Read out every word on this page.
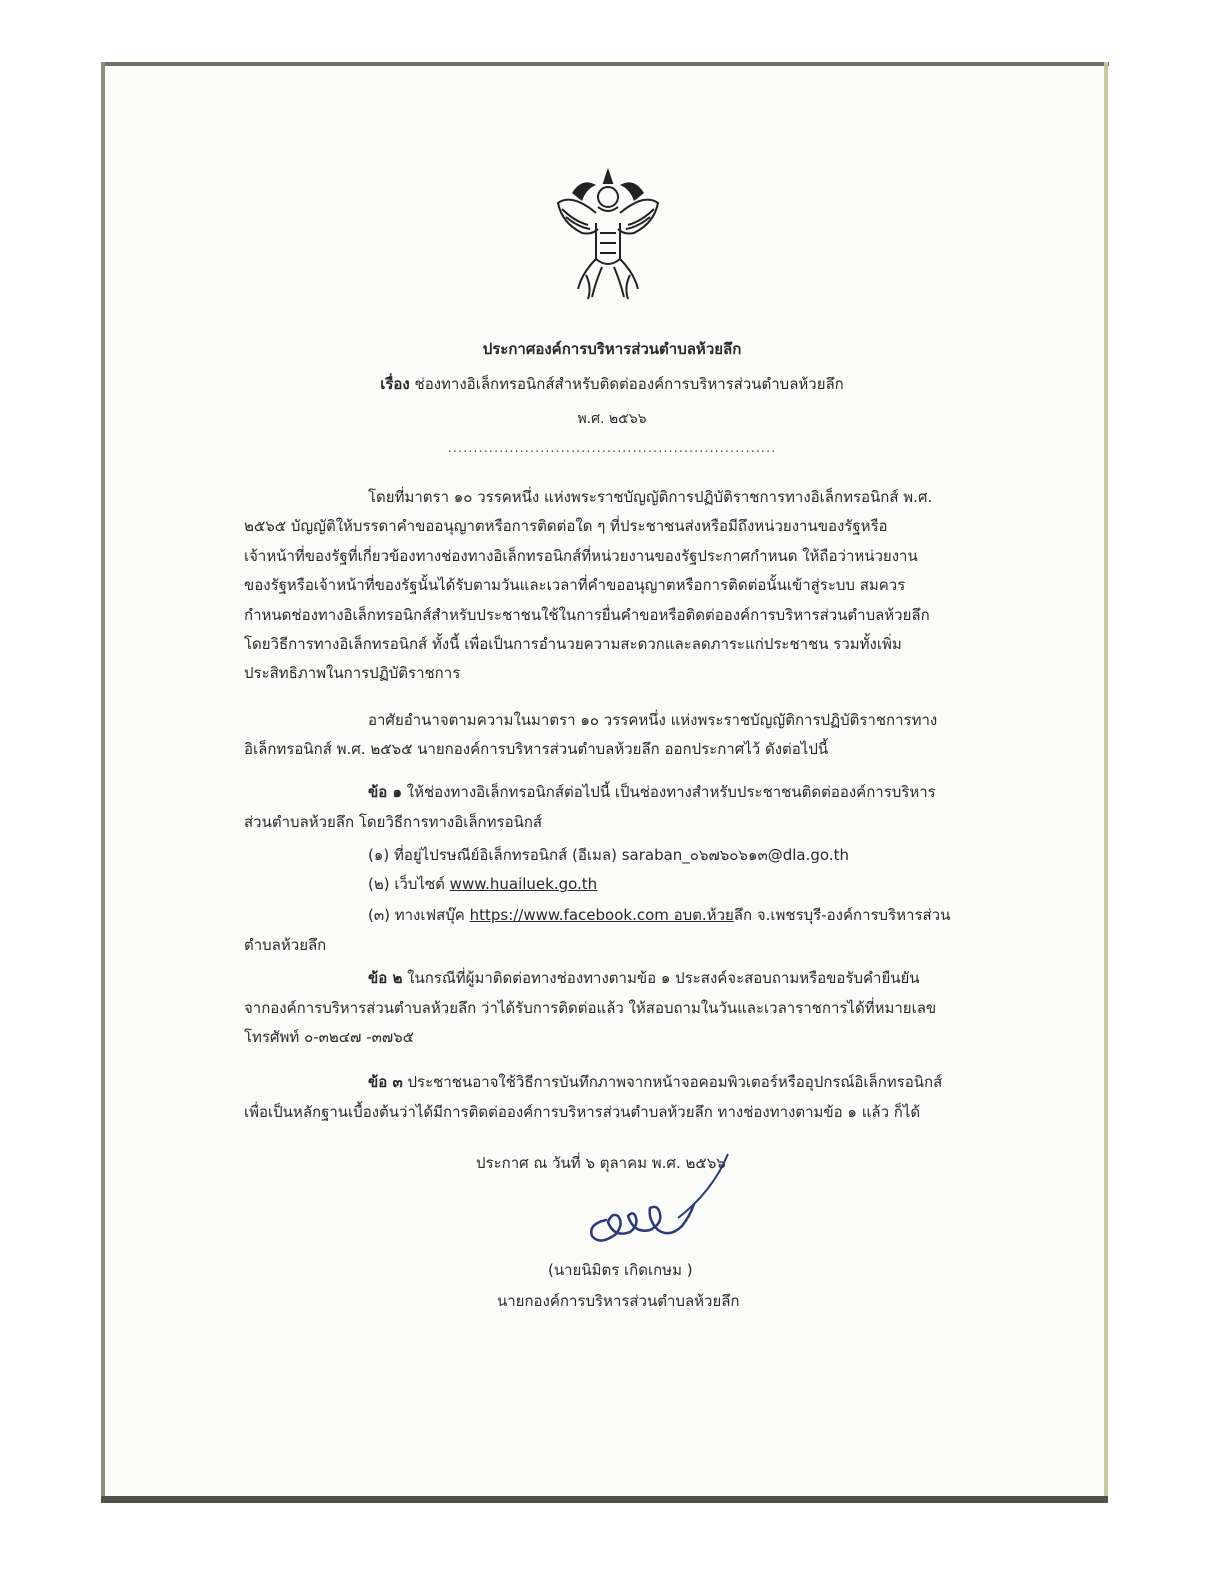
ประกาศองค์การบริหารส่วนตำบลห้วยลึก
เรื่อง ช่องทางอิเล็กทรอนิกส์สำหรับติดต่อองค์การบริหารส่วนตำบลห้วยลึก
พ.ศ. ๒๕๖๖
................................................................
โดยที่มาตรา ๑๐ วรรคหนึ่ง แห่งพระราชบัญญัติการปฏิบัติราชการทางอิเล็กทรอนิกส์ พ.ศ.
๒๕๖๕ บัญญัติให้บรรดาคำขออนุญาตหรือการติดต่อใด ๆ ที่ประชาชนส่งหรือมีถึงหน่วยงานของรัฐหรือ
เจ้าหน้าที่ของรัฐที่เกี่ยวข้องทางช่องทางอิเล็กทรอนิกส์ที่หน่วยงานของรัฐประกาศกำหนด ให้ถือว่าหน่วยงาน
ของรัฐหรือเจ้าหน้าที่ของรัฐนั้นได้รับตามวันและเวลาที่คำขออนุญาตหรือการติดต่อนั้นเข้าสู่ระบบ สมควร
กำหนดช่องทางอิเล็กทรอนิกส์สำหรับประชาชนใช้ในการยื่นคำขอหรือติดต่อองค์การบริหารส่วนตำบลห้วยลึก
โดยวิธีการทางอิเล็กทรอนิกส์ ทั้งนี้ เพื่อเป็นการอำนวยความสะดวกและลดภาระแก่ประชาชน รวมทั้งเพิ่ม
ประสิทธิภาพในการปฏิบัติราชการ
อาศัยอำนาจตามความในมาตรา ๑๐ วรรคหนึ่ง แห่งพระราชบัญญัติการปฏิบัติราชการทาง
อิเล็กทรอนิกส์ พ.ศ. ๒๕๖๕ นายกองค์การบริหารส่วนตำบลห้วยลึก ออกประกาศไว้ ดังต่อไปนี้
ข้อ ๑ ให้ช่องทางอิเล็กทรอนิกส์ต่อไปนี้ เป็นช่องทางสำหรับประชาชนติดต่อองค์การบริหาร
ส่วนตำบลห้วยลึก โดยวิธีการทางอิเล็กทรอนิกส์
(๑) ที่อยู่ไปรษณีย์อิเล็กทรอนิกส์ (อีเมล) saraban_๐๖๗๖๐๖๑๓@dla.go.th
(๒) เว็บไซต์ www.huailuek.go.th
(๓) ทางเฟสบุ๊ค https://www.facebook.com อบต.ห้วยลึก จ.เพชรบุรี-องค์การบริหารส่วน
ตำบลห้วยลึก
ข้อ ๒ ในกรณีที่ผู้มาติดต่อทางช่องทางตามข้อ ๑ ประสงค์จะสอบถามหรือขอรับคำยืนยัน
จากองค์การบริหารส่วนตำบลห้วยลึก ว่าได้รับการติดต่อแล้ว ให้สอบถามในวันและเวลาราชการได้ที่หมายเลข
โทรศัพท์ ๐-๓๒๔๗ -๓๗๖๕
ข้อ ๓ ประชาชนอาจใช้วิธีการบันทึกภาพจากหน้าจอคอมพิวเตอร์หรืออุปกรณ์อิเล็กทรอนิกส์
เพื่อเป็นหลักฐานเบื้องต้นว่าได้มีการติดต่อองค์การบริหารส่วนตำบลห้วยลึก ทางช่องทางตามข้อ ๑ แล้ว ก็ได้
ประกาศ ณ วันที่ ๖ ตุลาคม พ.ศ. ๒๕๖๖
(นายนิมิตร เกิดเกษม )
นายกองค์การบริหารส่วนตำบลห้วยลึก
